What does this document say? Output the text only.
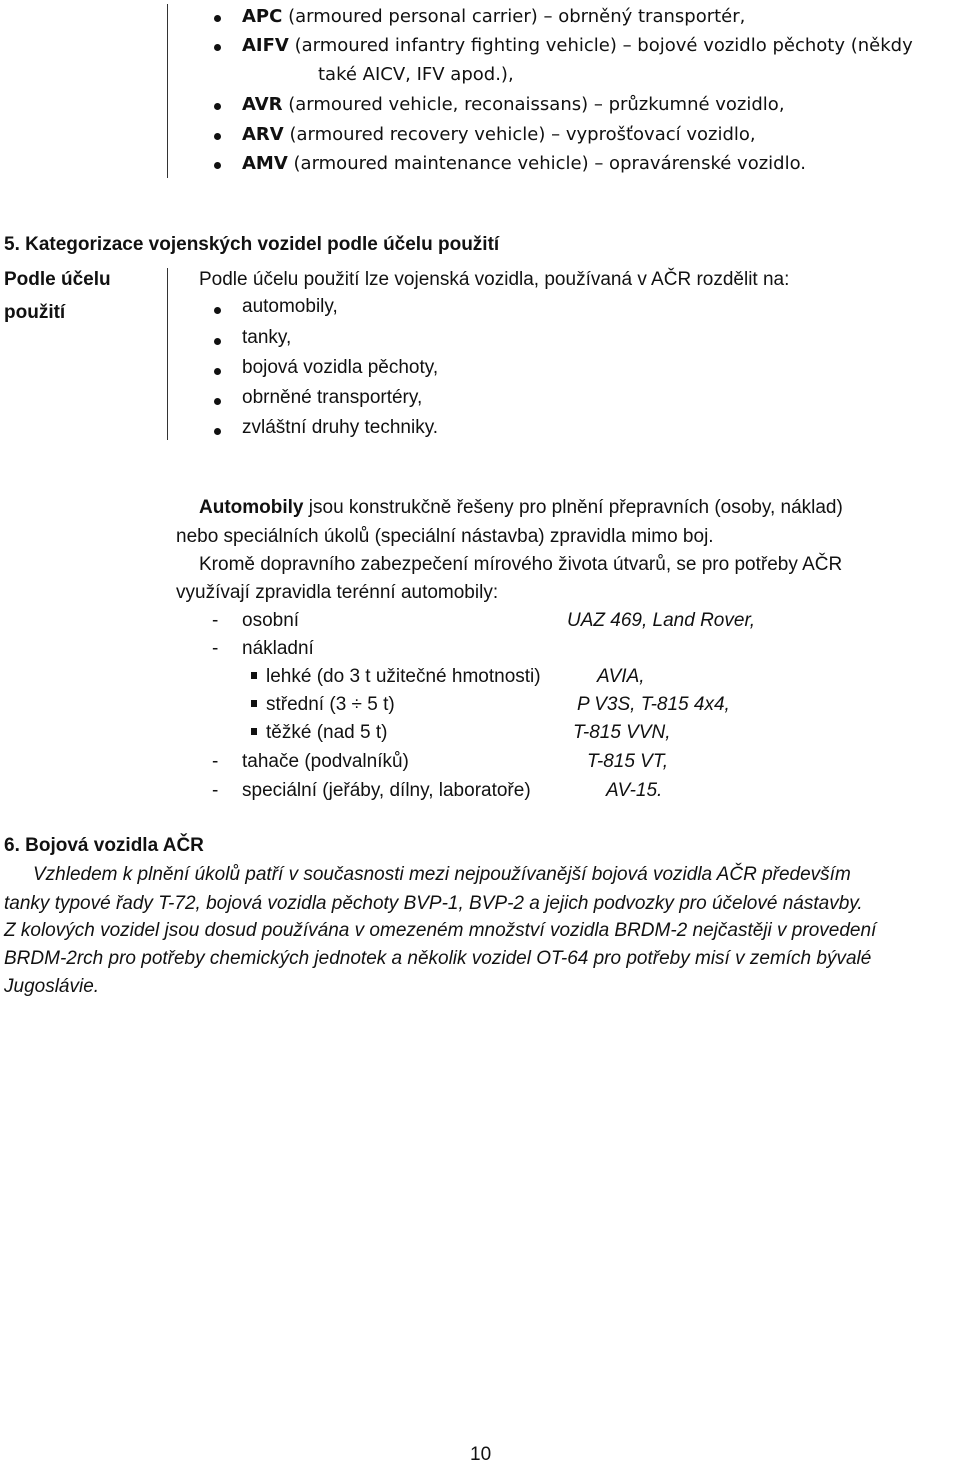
APC (armoured personal carrier) – obrněný transportér,
AIFV (armoured infantry fighting vehicle) – bojové vozidlo pěchoty (někdy
také AICV, IFV apod.),
AVR (armoured vehicle, reconaissans) – průzkumné vozidlo,
ARV (armoured recovery vehicle) – vyprošťovací vozidlo,
AMV (armoured maintenance vehicle) – opravárenské vozidlo.
5. Kategorizace vojenských vozidel podle účelu použití
Podle účelu
použití
Podle účelu použití lze vojenská vozidla, používaná v AČR rozdělit na:
automobily,
tanky,
bojová vozidla pěchoty,
obrněné transportéry,
zvláštní druhy techniky.
Automobily jsou konstrukčně řešeny pro plnění přepravních (osoby, náklad)
nebo speciálních úkolů (speciální nástavba) zpravidla mimo boj.
Kromě dopravního zabezpečení mírového života útvarů, se pro potřeby AČR
využívají zpravidla terénní automobily:
- osobní	UAZ 469, Land Rover,
- nákladní
lehké (do 3 t užitečné hmotnosti)	AVIA,
střední (3 ÷ 5 t)	P V3S, T-815 4x4,
těžké (nad 5 t)	T-815 VVN,
- tahače (podvalníků)	T-815 VT,
- speciální (jeřáby, dílny, laboratoře)	AV-15.
6. Bojová vozidla AČR
Vzhledem k plnění úkolů patří v současnosti mezi nejpoužívanější bojová vozidla AČR především
tanky typové řady T-72, bojová vozidla pěchoty BVP-1, BVP-2 a jejich podvozky pro účelové nástavby.
Z kolových vozidel jsou dosud používána v omezeném množství vozidla BRDM-2 nejčastěji v provedení
BRDM-2rch pro potřeby chemických jednotek a několik vozidel OT-64 pro potřeby misí v zemích bývalé
Jugoslávie.
10
